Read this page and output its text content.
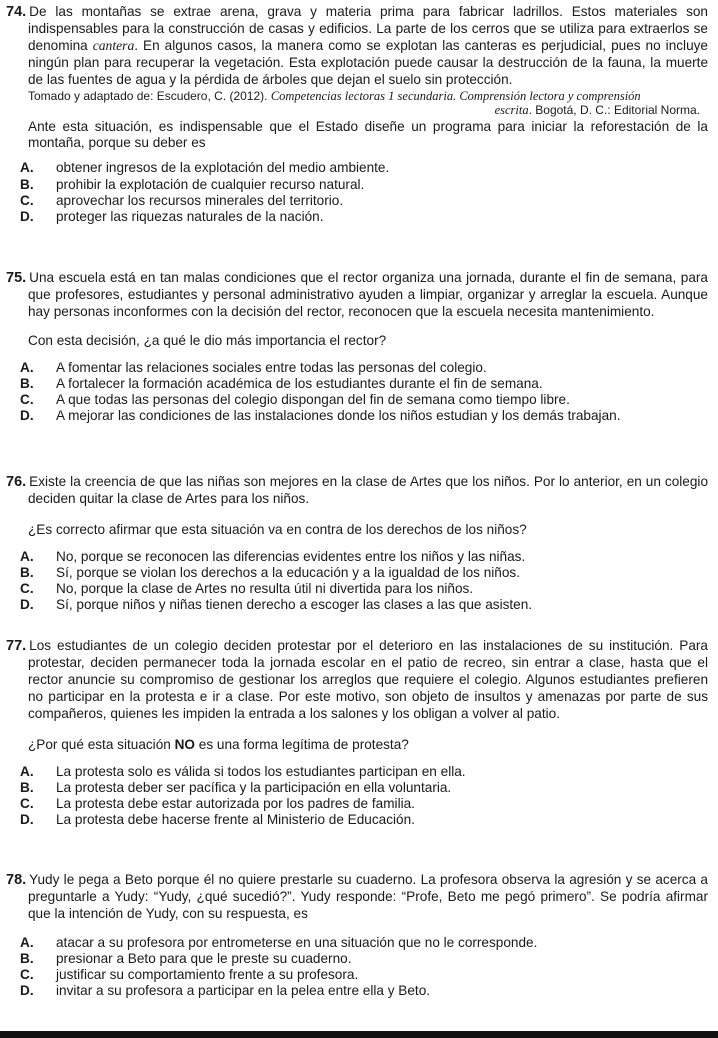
74. De las montañas se extrae arena, grava y materia prima para fabricar ladrillos. Estos materiales son indispensables para la construcción de casas y edificios. La parte de los cerros que se utiliza para extraerlos se denomina cantera. En algunos casos, la manera como se explotan las canteras es perjudicial, pues no incluye ningún plan para recuperar la vegetación. Esta explotación puede causar la destrucción de la fauna, la muerte de las fuentes de agua y la pérdida de árboles que dejan el suelo sin protección.

Tomado y adaptado de: Escudero, C. (2012). Competencias lectoras 1 secundaria. Comprensión lectora y comprensión
escrita. Bogotá, D. C.: Editorial Norma.

Ante esta situación, es indispensable que el Estado diseñe un programa para iniciar la reforestación de la montaña, porque su deber es

A.	obtener ingresos de la explotación del medio ambiente.
B.	prohibir la explotación de cualquier recurso natural.
C.	aprovechar los recursos minerales del territorio.
D.	proteger las riquezas naturales de la nación.

75. Una escuela está en tan malas condiciones que el rector organiza una jornada, durante el fin de semana, para que profesores, estudiantes y personal administrativo ayuden a limpiar, organizar y arreglar la escuela. Aunque hay personas inconformes con la decisión del rector, reconocen que la escuela necesita mantenimiento.

Con esta decisión, ¿a qué le dio más importancia el rector?

A.	A fomentar las relaciones sociales entre todas las personas del colegio.
B.	A fortalecer la formación académica de los estudiantes durante el fin de semana.
C.	A que todas las personas del colegio dispongan del fin de semana como tiempo libre.
D.	A mejorar las condiciones de las instalaciones donde los niños estudian y los demás trabajan.

76. Existe la creencia de que las niñas son mejores en la clase de Artes que los niños. Por lo anterior, en un colegio deciden quitar la clase de Artes para los niños.

¿Es correcto afirmar que esta situación va en contra de los derechos de los niños?

A.	No, porque se reconocen las diferencias evidentes entre los niños y las niñas.
B.	Sí, porque se violan los derechos a la educación y a la igualdad de los niños.
C.	No, porque la clase de Artes no resulta útil ni divertida para los niños.
D.	Sí, porque niños y niñas tienen derecho a escoger las clases a las que asisten.

77. Los estudiantes de un colegio deciden protestar por el deterioro en las instalaciones de su institución. Para protestar, deciden permanecer toda la jornada escolar en el patio de recreo, sin entrar a clase, hasta que el rector anuncie su compromiso de gestionar los arreglos que requiere el colegio. Algunos estudiantes prefieren no participar en la protesta e ir a clase. Por este motivo, son objeto de insultos y amenazas por parte de sus compañeros, quienes les impiden la entrada a los salones y los obligan a volver al patio.

¿Por qué esta situación NO es una forma legítima de protesta?

A.	La protesta solo es válida si todos los estudiantes participan en ella.
B.	La protesta deber ser pacífica y la participación en ella voluntaria.
C.	La protesta debe estar autorizada por los padres de familia.
D.	La protesta debe hacerse frente al Ministerio de Educación.

78. Yudy le pega a Beto porque él no quiere prestarle su cuaderno. La profesora observa la agresión y se acerca a preguntarle a Yudy: “Yudy, ¿qué sucedió?”. Yudy responde: “Profe, Beto me pegó primero”. Se podría afirmar que la intención de Yudy, con su respuesta, es

A.	atacar a su profesora por entrometerse en una situación que no le corresponde.
B.	presionar a Beto para que le preste su cuaderno.
C.	justificar su comportamiento frente a su profesora.
D.	invitar a su profesora a participar en la pelea entre ella y Beto.
